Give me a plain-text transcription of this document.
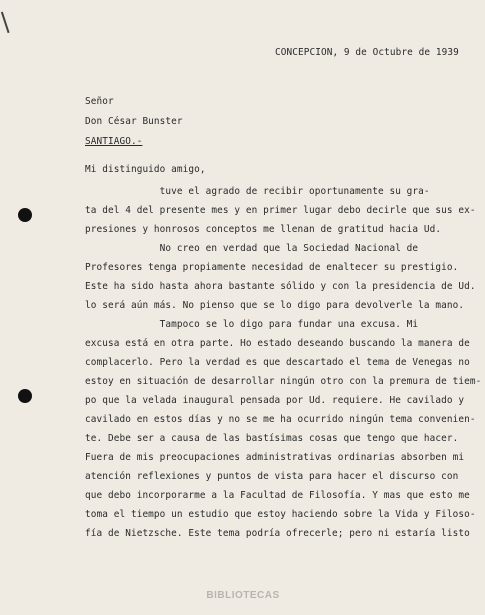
CONCEPCION, 9 de Octubre de 1939
Señor
Don César Bunster
SANTIAGO.-
Mi distinguido amigo,
tuve el agrado de recibir oportunamente su gra-
ta del 4 del presente mes y en primer lugar debo decirle que sus ex-
presiones y honrosos conceptos me llenan de gratitud hacia Ud.
No creo en verdad que la Sociedad Nacional de
Profesores tenga propiamente necesidad de enaltecer su prestigio.
Este ha sido hasta ahora bastante sólido y con la presidencia de Ud.
lo será aún más. No pienso que se lo digo para devolverle la mano.
Tampoco se lo digo para fundar una excusa. Mi
excusa está en otra parte. Ho estado deseando buscando la manera de
complacerlo. Pero la verdad es que descartado el tema de Venegas no
estoy en situación de desarrollar ningún otro con la premura de tiem-
po que la velada inaugural pensada por Ud. requiere. He cavilado y
cavilado en estos días y no se me ha ocurrido ningún tema convenien-
te. Debe ser a causa de las bastísimas cosas que tengo que hacer.
Fuera de mis preocupaciones administrativas ordinarias absorben mi
atención reflexiones y puntos de vista para hacer el discurso con
que debo incorporarme a la Facultad de Filosofía. Y mas que esto me
toma el tiempo un estudio que estoy haciendo sobre la Vida y Filoso-
fía de Nietzsche. Este tema podría ofrecerle; pero ni estaría listo
BIBLIOTECAS
